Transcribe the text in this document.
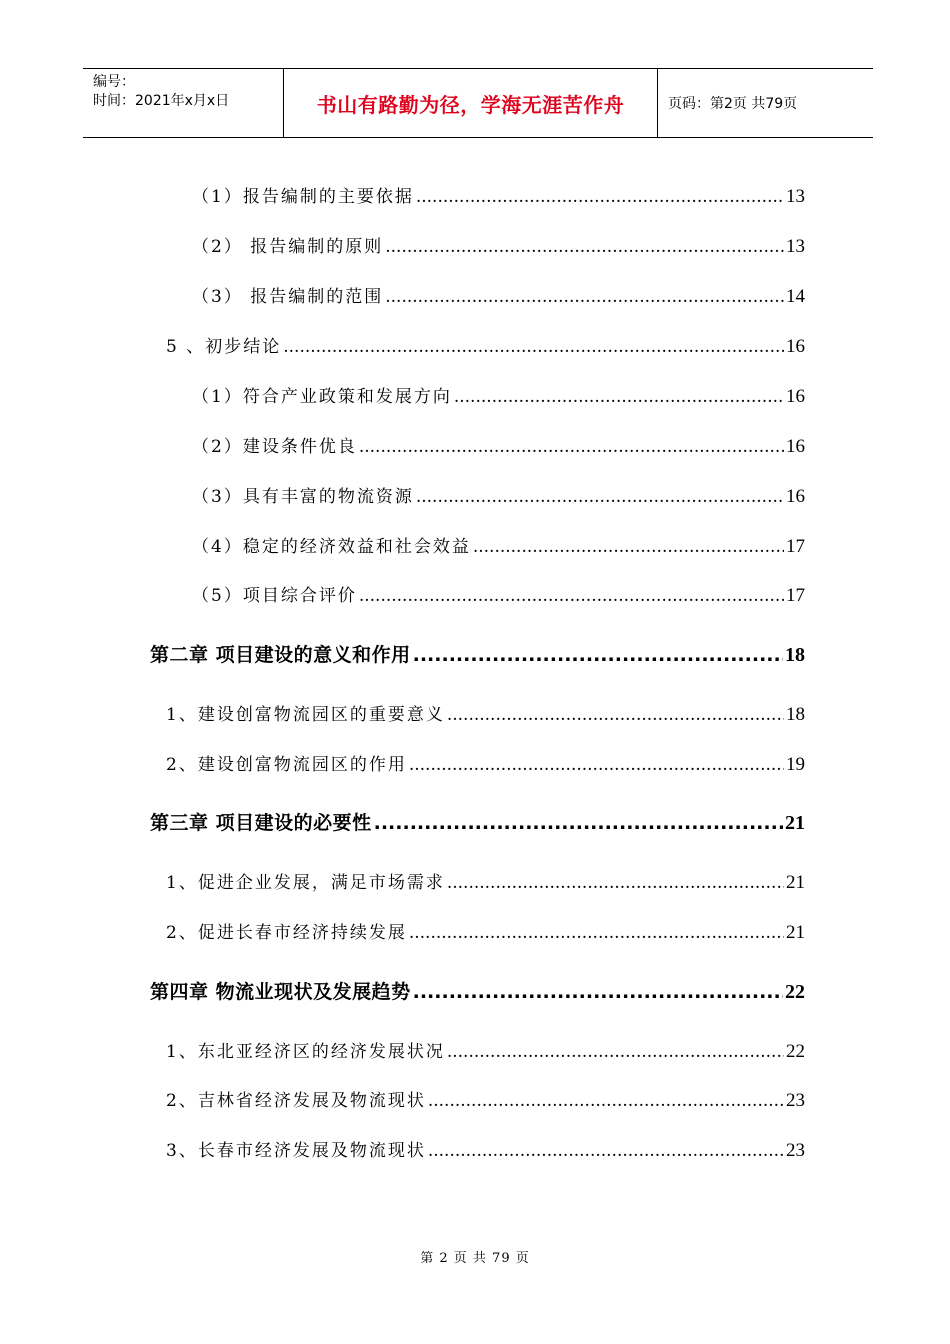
编号：
时间：2021年x月x日	书山有路勤为径，学海无涯苦作舟	页码：第2页 共79页
（1）报告编制的主要依据 .....	13
（2） 报告编制的原则 .....	13
（3） 报告编制的范围 .....	14
5 、初步结论 .....	16
（1）符合产业政策和发展方向 .....	16
（2）建设条件优良 .....	16
（3）具有丰富的物流资源 .....	16
（4）稳定的经济效益和社会效益 .....	17
（5）项目综合评价 .....	17
第二章 项目建设的意义和作用 .....	18
1、建设创富物流园区的重要意义 .....	18
2、建设创富物流园区的作用 .....	19
第三章 项目建设的必要性 .....	21
1、促进企业发展，满足市场需求 .....	21
2、促进长春市经济持续发展 .....	21
第四章 物流业现状及发展趋势 .....	22
1、东北亚经济区的经济发展状况 .....	22
2、吉林省经济发展及物流现状 .....	23
3、长春市经济发展及物流现状 .....	23
第 2 页 共 79 页
